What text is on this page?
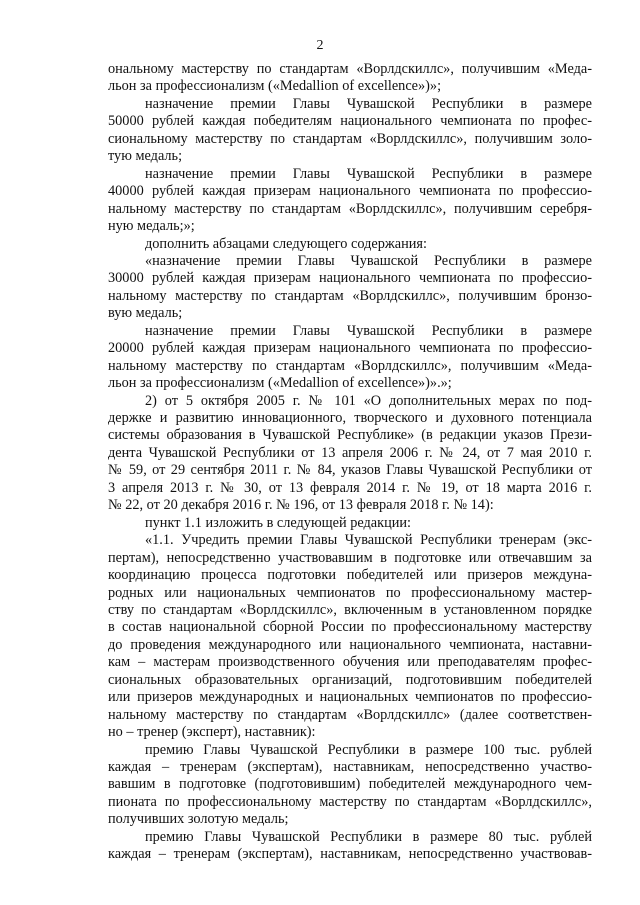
2
ональному мастерству по стандартам «Ворлдскиллс», получившим «Меда-
льон за профессионализм («Medallion of excellence»)»;
назначение премии Главы Чувашской Республики в размере
50000 рублей каждая победителям национального чемпионата по профес-
сиональному мастерству по стандартам «Ворлдскиллс», получившим золо-
тую медаль;
назначение премии Главы Чувашской Республики в размере
40000 рублей каждая призерам национального чемпионата по профессио-
нальному мастерству по стандартам «Ворлдскиллс», получившим серебря-
ную медаль;»;
дополнить абзацами следующего содержания:
«назначение премии Главы Чувашской Республики в размере
30000 рублей каждая призерам национального чемпионата по профессио-
нальному мастерству по стандартам «Ворлдскиллс», получившим бронзо-
вую медаль;
назначение премии Главы Чувашской Республики в размере
20000 рублей каждая призерам национального чемпионата по профессио-
нальному мастерству по стандартам «Ворлдскиллс», получившим «Меда-
льон за профессионализм («Medallion of excellence»)».»;
2) от 5 октября 2005 г. № 101 «О дополнительных мерах по под-
держке и развитию инновационного, творческого и духовного потенциала
системы образования в Чувашской Республике» (в редакции указов Прези-
дента Чувашской Республики от 13 апреля 2006 г. № 24, от 7 мая 2010 г.
№ 59, от 29 сентября 2011 г. № 84, указов Главы Чувашской Республики от
3 апреля 2013 г. № 30, от 13 февраля 2014 г. № 19, от 18 марта 2016 г.
№ 22, от 20 декабря 2016 г. № 196, от 13 февраля 2018 г. № 14):
пункт 1.1 изложить в следующей редакции:
«1.1. Учредить премии Главы Чувашской Республики тренерам (экс-
пертам), непосредственно участвовавшим в подготовке или отвечавшим за
координацию процесса подготовки победителей или призеров междуна-
родных или национальных чемпионатов по профессиональному мастер-
ству по стандартам «Ворлдскиллс», включенным в установленном порядке
в состав национальной сборной России по профессиональному мастерству
до проведения международного или национального чемпионата, наставни-
кам – мастерам производственного обучения или преподавателям профес-
сиональных образовательных организаций, подготовившим победителей
или призеров международных и национальных чемпионатов по профессио-
нальному мастерству по стандартам «Ворлдскиллс» (далее соответствен-
но – тренер (эксперт), наставник):
премию Главы Чувашской Республики в размере 100 тыс. рублей
каждая – тренерам (экспертам), наставникам, непосредственно участво-
вавшим в подготовке (подготовившим) победителей международного чем-
пионата по профессиональному мастерству по стандартам «Ворлдскиллс»,
получивших золотую медаль;
премию Главы Чувашской Республики в размере 80 тыс. рублей
каждая – тренерам (экспертам), наставникам, непосредственно участвовав-
